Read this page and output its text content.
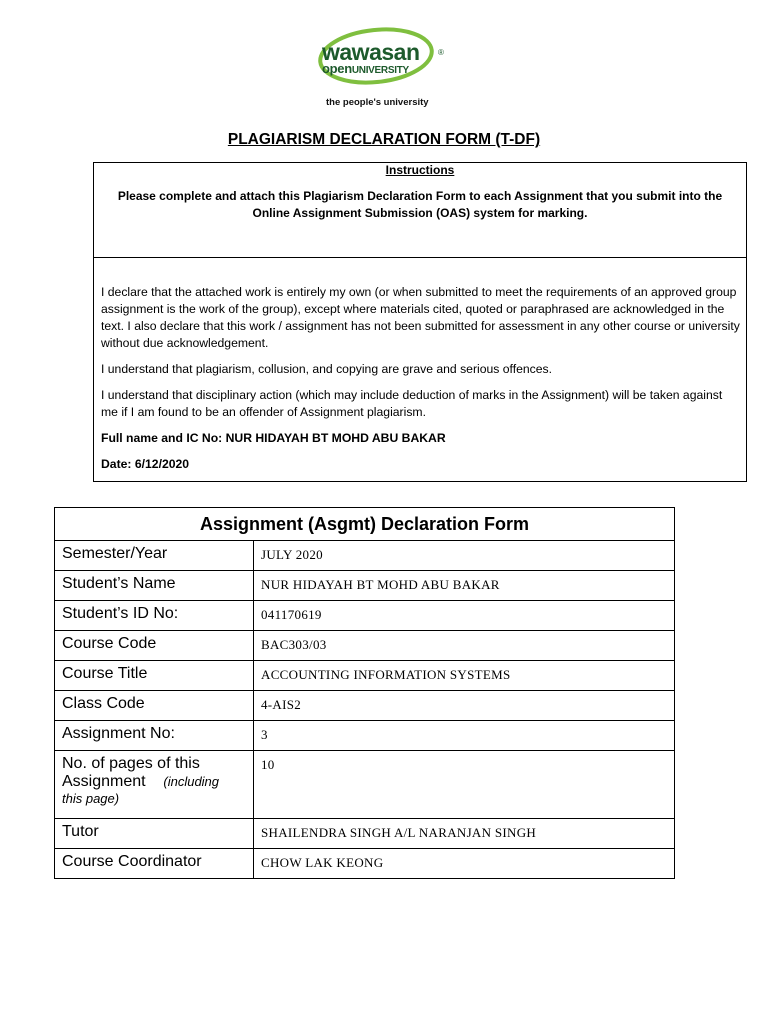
wawasan ®
openUNIVERSITY
the people's university
PLAGIARISM DECLARATION FORM (T-DF)
Instructions
Please complete and attach this Plagiarism Declaration Form to each Assignment that you submit into the Online Assignment Submission (OAS) system for marking.

I declare that the attached work is entirely my own (or when submitted to meet the requirements of an approved group assignment is the work of the group), except where materials cited, quoted or paraphrased are acknowledged in the text. I also declare that this work / assignment has not been submitted for assessment in any other course or university without due acknowledgement.

I understand that plagiarism, collusion, and copying are grave and serious offences.

I understand that disciplinary action (which may include deduction of marks in the Assignment) will be taken against me if I am found to be an offender of Assignment plagiarism.

Full name and IC No: NUR HIDAYAH BT MOHD ABU BAKAR

Date: 6/12/2020

Assignment (Asgmt) Declaration Form	
Semester/Year	JULY 2020
Student’s Name	NUR HIDAYAH BT MOHD ABU BAKAR
Student’s ID No:	041170619
Course Code	BAC303/03
Course Title	ACCOUNTING INFORMATION SYSTEMS
Class Code	4-AIS2
Assignment No:	3

No. of pages of this
Assignment (including
this page)	10
Tutor	SHAILENDRA SINGH A/L NARANJAN SINGH
Course Coordinator	CHOW LAK KEONG
